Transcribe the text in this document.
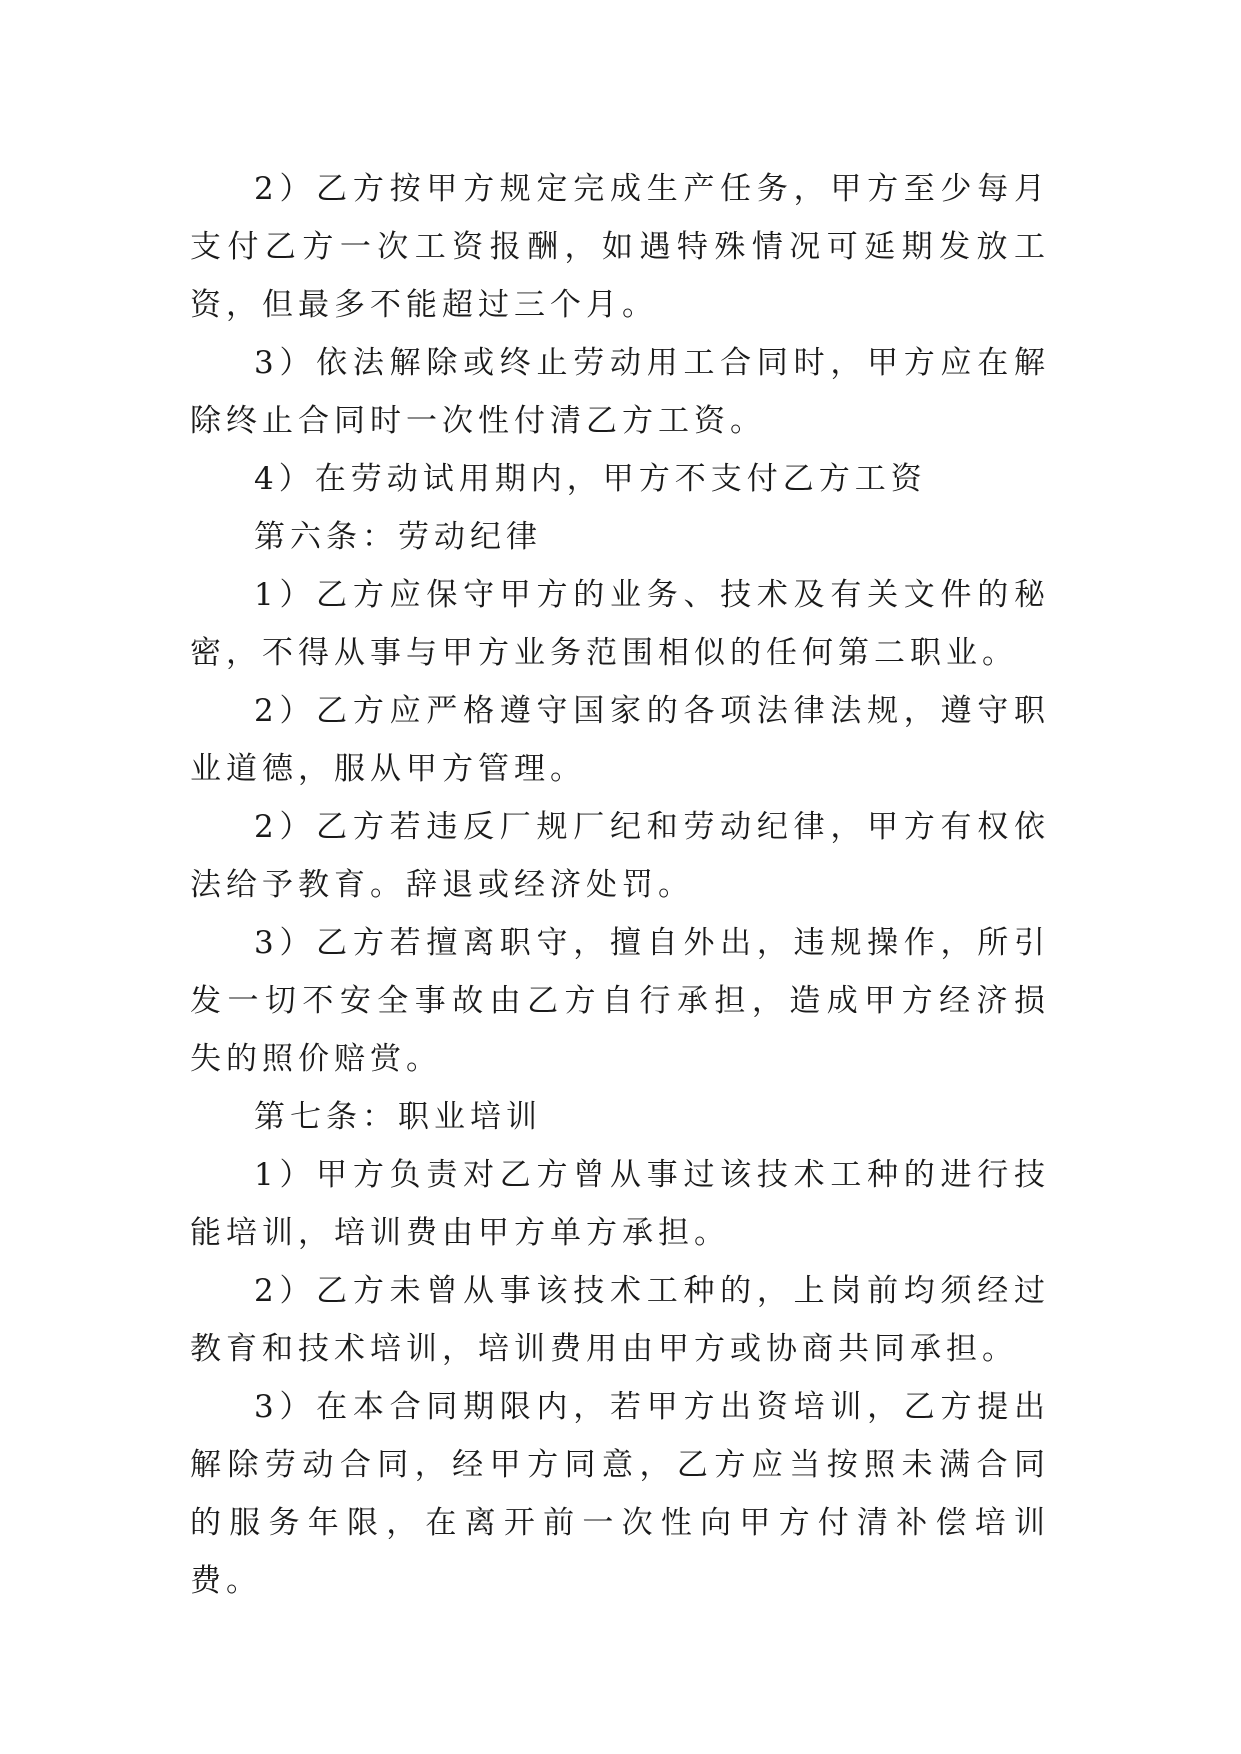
2）乙方按甲方规定完成生产任务，甲方至少每月支付乙方一次工资报酬，如遇特殊情况可延期发放工资，但最多不能超过三个月。

3）依法解除或终止劳动用工合同时，甲方应在解除终止合同时一次性付清乙方工资。

4）在劳动试用期内，甲方不支付乙方工资

第六条：劳动纪律

1）乙方应保守甲方的业务、技术及有关文件的秘密，不得从事与甲方业务范围相似的任何第二职业。

2）乙方应严格遵守国家的各项法律法规，遵守职业道德，服从甲方管理。

2）乙方若违反厂规厂纪和劳动纪律，甲方有权依法给予教育。辞退或经济处罚。

3）乙方若擅离职守，擅自外出，违规操作，所引发一切不安全事故由乙方自行承担，造成甲方经济损失的照价赔赏。

第七条：职业培训

1）甲方负责对乙方曾从事过该技术工种的进行技能培训，培训费由甲方单方承担。

2）乙方未曾从事该技术工种的，上岗前均须经过教育和技术培训，培训费用由甲方或协商共同承担。

3）在本合同期限内，若甲方出资培训，乙方提出解除劳动合同，经甲方同意，乙方应当按照未满合同的服务年限，在离开前一次性向甲方付清补偿培训费。
